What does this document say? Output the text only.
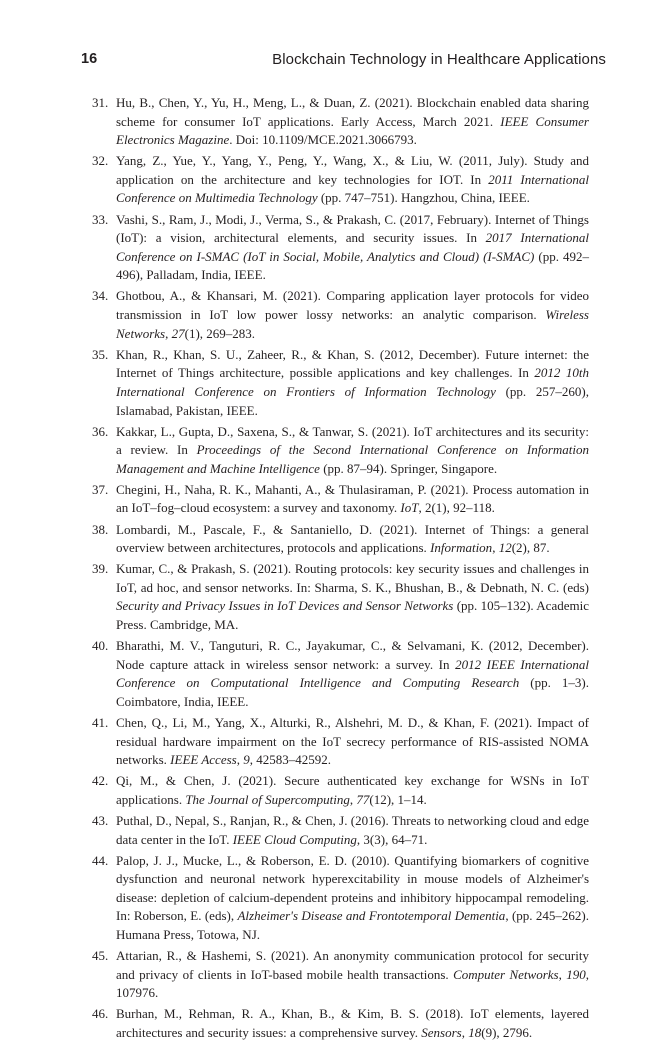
16	Blockchain Technology in Healthcare Applications
31. Hu, B., Chen, Y., Yu, H., Meng, L., & Duan, Z. (2021). Blockchain enabled data sharing scheme for consumer IoT applications. Early Access, March 2021. IEEE Consumer Electronics Magazine. Doi: 10.1109/MCE.2021.3066793.
32. Yang, Z., Yue, Y., Yang, Y., Peng, Y., Wang, X., & Liu, W. (2011, July). Study and application on the architecture and key technologies for IOT. In 2011 International Conference on Multimedia Technology (pp. 747–751). Hangzhou, China, IEEE.
33. Vashi, S., Ram, J., Modi, J., Verma, S., & Prakash, C. (2017, February). Internet of Things (IoT): a vision, architectural elements, and security issues. In 2017 International Conference on I-SMAC (IoT in Social, Mobile, Analytics and Cloud) (I-SMAC) (pp. 492–496), Palladam, India, IEEE.
34. Ghotbou, A., & Khansari, M. (2021). Comparing application layer protocols for video transmission in IoT low power lossy networks: an analytic comparison. Wireless Networks, 27(1), 269–283.
35. Khan, R., Khan, S. U., Zaheer, R., & Khan, S. (2012, December). Future internet: the Internet of Things architecture, possible applications and key challenges. In 2012 10th International Conference on Frontiers of Information Technology (pp. 257–260), Islamabad, Pakistan, IEEE.
36. Kakkar, L., Gupta, D., Saxena, S., & Tanwar, S. (2021). IoT architectures and its security: a review. In Proceedings of the Second International Conference on Information Management and Machine Intelligence (pp. 87–94). Springer, Singapore.
37. Chegini, H., Naha, R. K., Mahanti, A., & Thulasiraman, P. (2021). Process automation in an IoT–fog–cloud ecosystem: a survey and taxonomy. IoT, 2(1), 92–118.
38. Lombardi, M., Pascale, F., & Santaniello, D. (2021). Internet of Things: a general overview between architectures, protocols and applications. Information, 12(2), 87.
39. Kumar, C., & Prakash, S. (2021). Routing protocols: key security issues and challenges in IoT, ad hoc, and sensor networks. In: Sharma, S. K., Bhushan, B., & Debnath, N. C. (eds) Security and Privacy Issues in IoT Devices and Sensor Networks (pp. 105–132). Academic Press. Cambridge, MA.
40. Bharathi, M. V., Tanguturi, R. C., Jayakumar, C., & Selvamani, K. (2012, December). Node capture attack in wireless sensor network: a survey. In 2012 IEEE International Conference on Computational Intelligence and Computing Research (pp. 1–3). Coimbatore, India, IEEE.
41. Chen, Q., Li, M., Yang, X., Alturki, R., Alshehri, M. D., & Khan, F. (2021). Impact of residual hardware impairment on the IoT secrecy performance of RIS-assisted NOMA networks. IEEE Access, 9, 42583–42592.
42. Qi, M., & Chen, J. (2021). Secure authenticated key exchange for WSNs in IoT applications. The Journal of Supercomputing, 77(12), 1–14.
43. Puthal, D., Nepal, S., Ranjan, R., & Chen, J. (2016). Threats to networking cloud and edge data center in the IoT. IEEE Cloud Computing, 3(3), 64–71.
44. Palop, J. J., Mucke, L., & Roberson, E. D. (2010). Quantifying biomarkers of cognitive dysfunction and neuronal network hyperexcitability in mouse models of Alzheimer's disease: depletion of calcium-dependent proteins and inhibitory hippocampal remodeling. In: Roberson, E. (eds), Alzheimer's Disease and Frontotemporal Dementia, (pp. 245–262). Humana Press, Totowa, NJ.
45. Attarian, R., & Hashemi, S. (2021). An anonymity communication protocol for security and privacy of clients in IoT-based mobile health transactions. Computer Networks, 190, 107976.
46. Burhan, M., Rehman, R. A., Khan, B., & Kim, B. S. (2018). IoT elements, layered architectures and security issues: a comprehensive survey. Sensors, 18(9), 2796.
